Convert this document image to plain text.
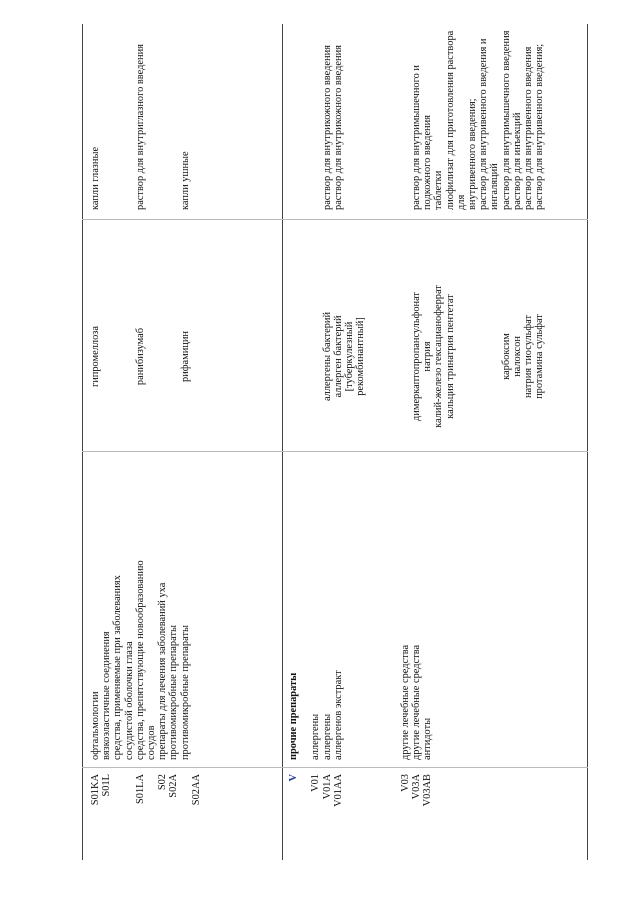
S01KA
офтальмологии
гипромеллоза
капли глазные
S01L
вязкоэластичные соединения средства, применяемые при заболеваниях сосудистой оболочки глаза
S01LA
средства, препятствующие новообразованию
ранибизумаб
раствор для внутриглазного введения
сосудов
S02
препараты для лечения заболеваний уха
S02A
противомикробные препараты противомикробные препараты
рифамицин
капли ушные
S02AA	V
прочие препараты
V01
аллергены
V01A
аллергены
аллергены бактерий
раствор для внутрикожного введения
V01AA
аллергенов экстракт
аллерген бактерий
раствор для внутрикожного введения
[туберкулезный рекомбинантный]
V03
другие лечебные средства
V03A
другие лечебные средства
димеркаптопропансульфонат
раствор для внутримышечного и
V03AB
антидоты
натрия
подкожного введения
калий-железо гексацианоферрат
таблетки
кальция тринатрия пентетат
лиофилизат для приготовления раствора для внутривенного введения; раствор для внутривенного введения и ингаляций
карбоксим
раствор для внутримышечного введения
налоксон
раствор для инъекций
натрия тиосульфат
раствор для внутривенного введения
протамина сульфат
раствор для внутривенного введения;
